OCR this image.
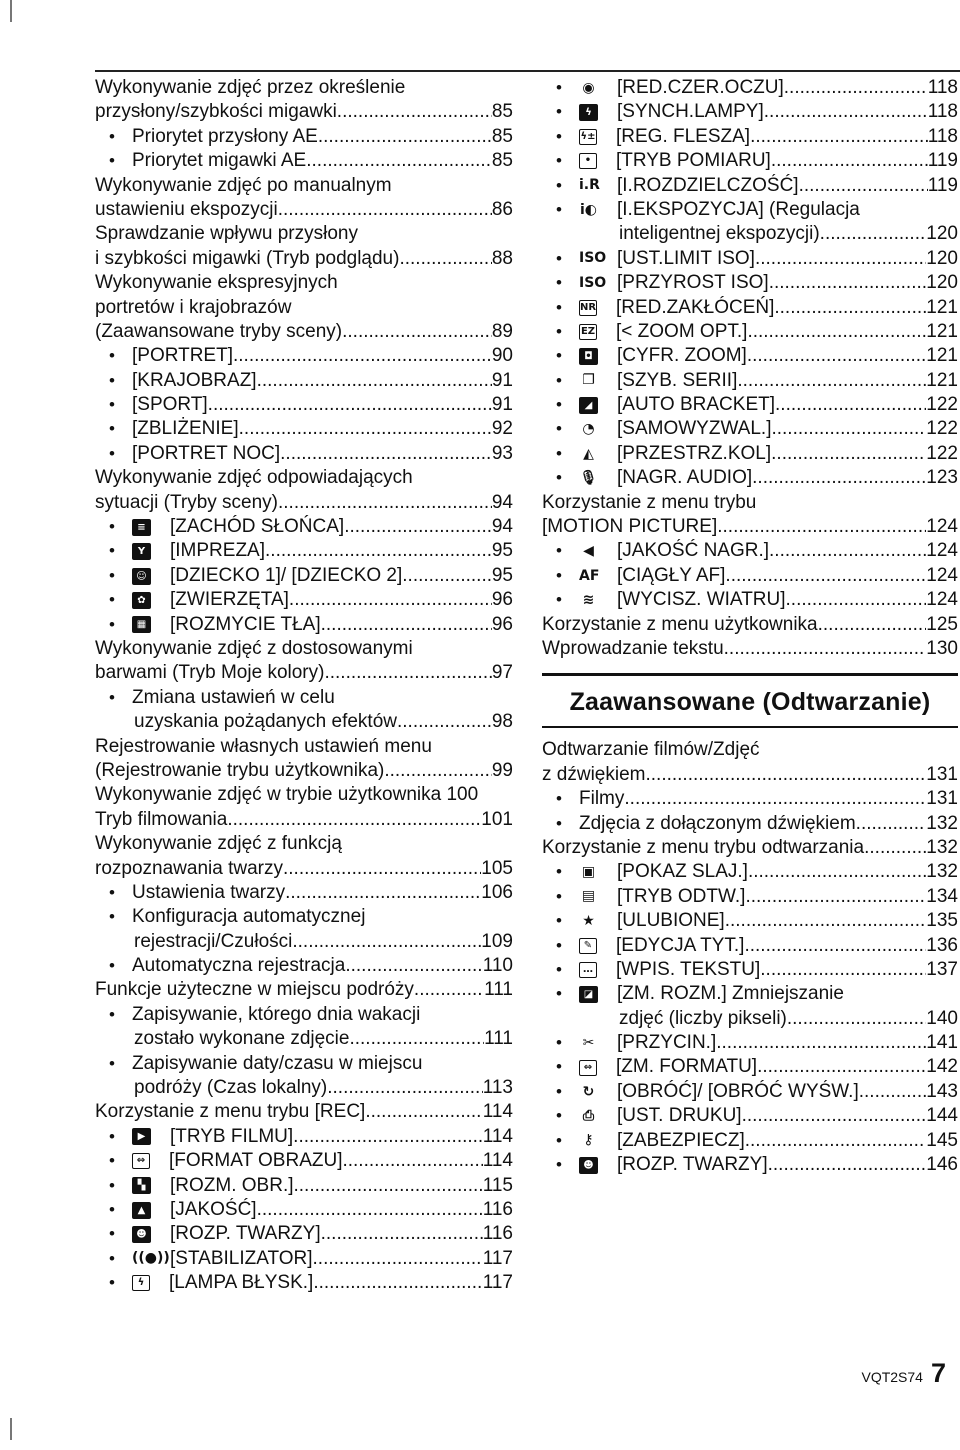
Wykonywanie zdjęć przez określenie
przysłony/szybkości migawki .....	85
• Priorytet przysłony AE .....	85
• Priorytet migawki AE .....	85
Wykonywanie zdjęć po manualnym
ustawieniu ekspozycji .....	86
Sprawdzanie wpływu przysłony
i szybkości migawki (Tryb podglądu) .....	88
Wykonywanie ekspresyjnych
portretów i krajobrazów
(Zaawansowane tryby sceny) .....	89
• [PORTRET] .....	90
• [KRAJOBRAZ] .....	91
• [SPORT] .....	91
• [ZBLIŻENIE] .....	92
• [PORTRET NOC] .....	93
Wykonywanie zdjęć odpowiadających
sytuacji (Tryby sceny) .....	94
•	≡ [ZACHÓD SŁOŃCA] .....	94
•	Y	[IMPREZA] .....	95
•	☺ [DZIECKO 1]/ [DZIECKO 2] .....	95
•	✿ [ZWIERZĘTA] .....	96
•	▦ [ROZMYCIE TŁA] .....	96
Wykonywanie zdjęć z dostosowanymi
barwami (Tryb Moje kolory) .....	97
• Zmiana ustawień w celu
uzyskania pożądanych efektów .....	98
Rejestrowanie własnych ustawień menu
(Rejestrowanie trybu użytkownika) .....	99
Wykonywanie zdjęć w trybie użytkownika 100
Tryb filmowania .....	101
Wykonywanie zdjęć z funkcją
rozpoznawania twarzy .....	105
• Ustawienia twarzy .....	106
• Konfiguracja automatycznej
rejestracji/Czułości .....	109
• Automatyczna rejestracja .....	110
Funkcje użyteczne w miejscu podróży .....	111
• Zapisywanie, którego dnia wakacji
zostało wykonane zdjęcie .....	111
• Zapisywanie daty/czasu w miejscu
podróży (Czas lokalny) .....	113
Korzystanie z menu trybu [REC] .....	114
•	▶ [TRYB FILMU] .....	114
•	⇔ [FORMAT OBRAZU] .....	114
•	▚ [ROZM. OBR.] .....	115
•	▲ [JAKOŚĆ] .....	116
•	☻ [ROZP. TWARZY] .....	116
•	((●)) [STABILIZATOR] .....	117
•	ϟ	[LAMPA BŁYSK.] .....	117
•	◉ [RED.CZER.OCZU] .....	118
•	ϟ	[SYNCH.LAMPY] .....	118
•	ϟ± [REG. FLESZA] .....	118
•	•	[TRYB POMIARU] .....	119
•	i.R [I.ROZDZIELCZOŚĆ] .....	119
•	i◐ [I.EKSPOZYCJA] (Regulacja
inteligentnej ekspozycji) .....	120
•	ISO [UST.LIMIT ISO] .....	120
•	ISO [PRZYROST ISO] .....	120
•	NR [RED.ZAKŁÓCEŃ] .....	121
•	EZ [< ZOOM OPT.] .....	121
•	◘ [CYFR. ZOOM] .....	121
•	❐ [SZYB. SERII] .....	121
•	◢ [AUTO BRACKET] .....	122
•	◔ [SAMOWYZWAL.] .....	122
•	◭ [PRZESTRZ.KOL] .....	122
•	🎙 [NAGR. AUDIO] .....	123
Korzystanie z menu trybu
[MOTION PICTURE] .....	124
•	◀ [JAKOŚĆ NAGR.] .....	124
•	AF [CIĄGŁY AF] .....	124
•	≋ [WYCISZ. WIATRU] .....	124
Korzystanie z menu użytkownika .....	125
Wprowadzanie tekstu .....	130
Zaawansowane (Odtwarzanie)
Odtwarzanie filmów/Zdjęć
z dźwiękiem .....	131
• Filmy .....	131
• Zdjęcia z dołączonym dźwiękiem .....	132
Korzystanie z menu trybu odtwarzania .....	132
•	▣ [POKAZ SLAJ.] .....	132
•	▤ [TRYB ODTW.] .....	134
•	★ [ULUBIONE] .....	135
•	✎ [EDYCJA TYT.] .....	136
•	… [WPIS. TEKSTU] .....	137
•	◪ [ZM. ROZM.] Zmniejszanie
zdjęć (liczby pikseli) .....	140
•	✂ [PRZYCIN.] .....	141
•	⇔ [ZM. FORMATU] .....	142
•	↻ [OBRÓĆ]/ [OBRÓĆ WYŚW.] .....	143
•	⎙ [UST. DRUKU] .....	144
•	⚷ [ZABEZPIECZ] .....	145
•	☻ [ROZP. TWARZY] .....	146
VQT2S74 7
